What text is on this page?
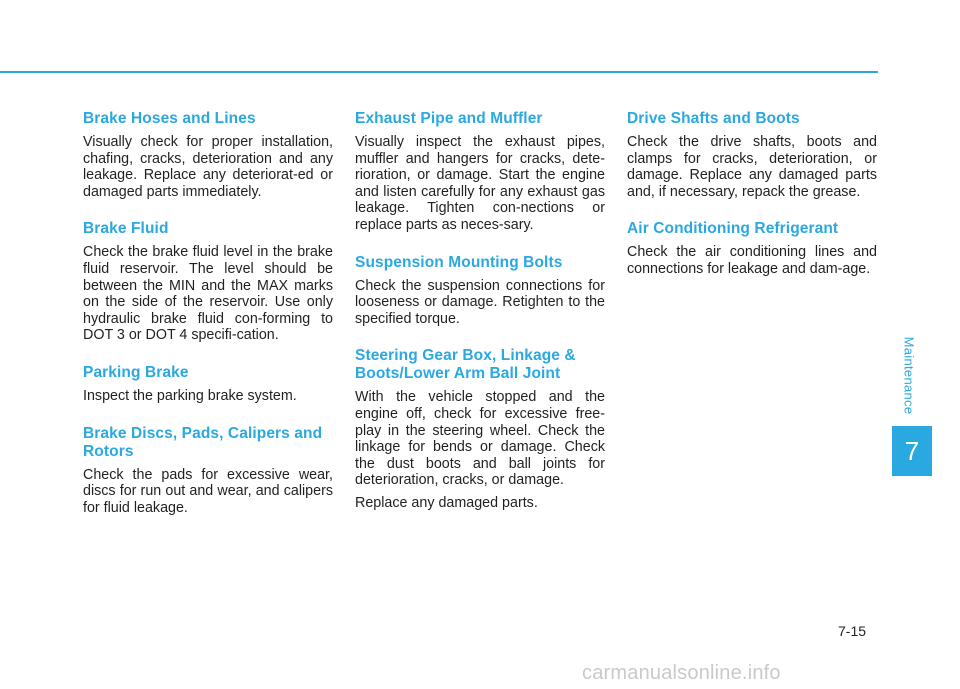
Brake Hoses and Lines

Visually check for proper installation, chafing, cracks, deterioration and any leakage. Replace any deteriorat-ed or damaged parts immediately.

Brake Fluid

Check the brake fluid level in the brake fluid reservoir. The level should be between the MIN and the MAX marks on the side of the reservoir. Use only hydraulic brake fluid con-forming to DOT 3 or DOT 4 specifi-cation.

Parking Brake

Inspect the parking brake system.

Brake Discs, Pads, Calipers and Rotors

Check the pads for excessive wear, discs for run out and wear, and calipers for fluid leakage.

Exhaust Pipe and Muffler

Visually inspect the exhaust pipes, muffler and hangers for cracks, dete-rioration, or damage. Start the engine and listen carefully for any exhaust gas leakage. Tighten con-nections or replace parts as neces-sary.

Suspension Mounting Bolts

Check the suspension connections for looseness or damage. Retighten to the specified torque.

Steering Gear Box, Linkage & Boots/Lower Arm Ball Joint

With the vehicle stopped and the engine off, check for excessive free-play in the steering wheel. Check the linkage for bends or damage. Check the dust boots and ball joints for deterioration, cracks, or damage.

Replace any damaged parts.

Drive Shafts and Boots

Check the drive shafts, boots and clamps for cracks, deterioration, or damage. Replace any damaged parts and, if necessary, repack the grease.

Air Conditioning Refrigerant

Check the air conditioning lines and connections for leakage and dam-age.

Maintenance
7
7-15
carmanualsonline.info
